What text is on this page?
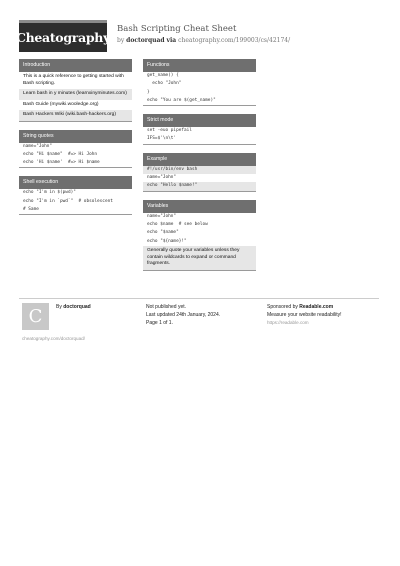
Cheatography
Bash Scripting Cheat Sheet
by doctorquad via cheatography.com/199003/cs/42174/
Introduction
This is a quick reference to getting started with Bash scripting.
Learn bash in y minutes (learnxinyminutes.com)
Bash Guide (mywiki.wooledge.org)
Bash Hackers Wiki (wiki.bash-hackers.org)
String quotes
name="John"
echo "Hi $name"  #=> Hi John
echo 'Hi $name'  #=> Hi $name
Shell execution
echo "I'm in $(pwd)"
echo "I'm in `pwd`"  # obsolescent
# Same
Functions
get_name() {
echo "John"
}
echo "You are $(get_name)"
Strict mode
set -euo pipefail
IFS=$'\n\t'
Example
#!/usr/bin/env bash
name="John"
echo "Hello $name!"
Variables
name="John"
echo $name  # see below
echo "$name"
echo "${name}!"
Generally quote your variables unless they contain wildcards to expand or command fragments.
C	By doctorquad
cheatography.com/doctorquad/
Not published yet.
Last updated 24th January, 2024.
Page 1 of 1.
Sponsored by Readable.com
Measure your website readability!
https://readable.com
